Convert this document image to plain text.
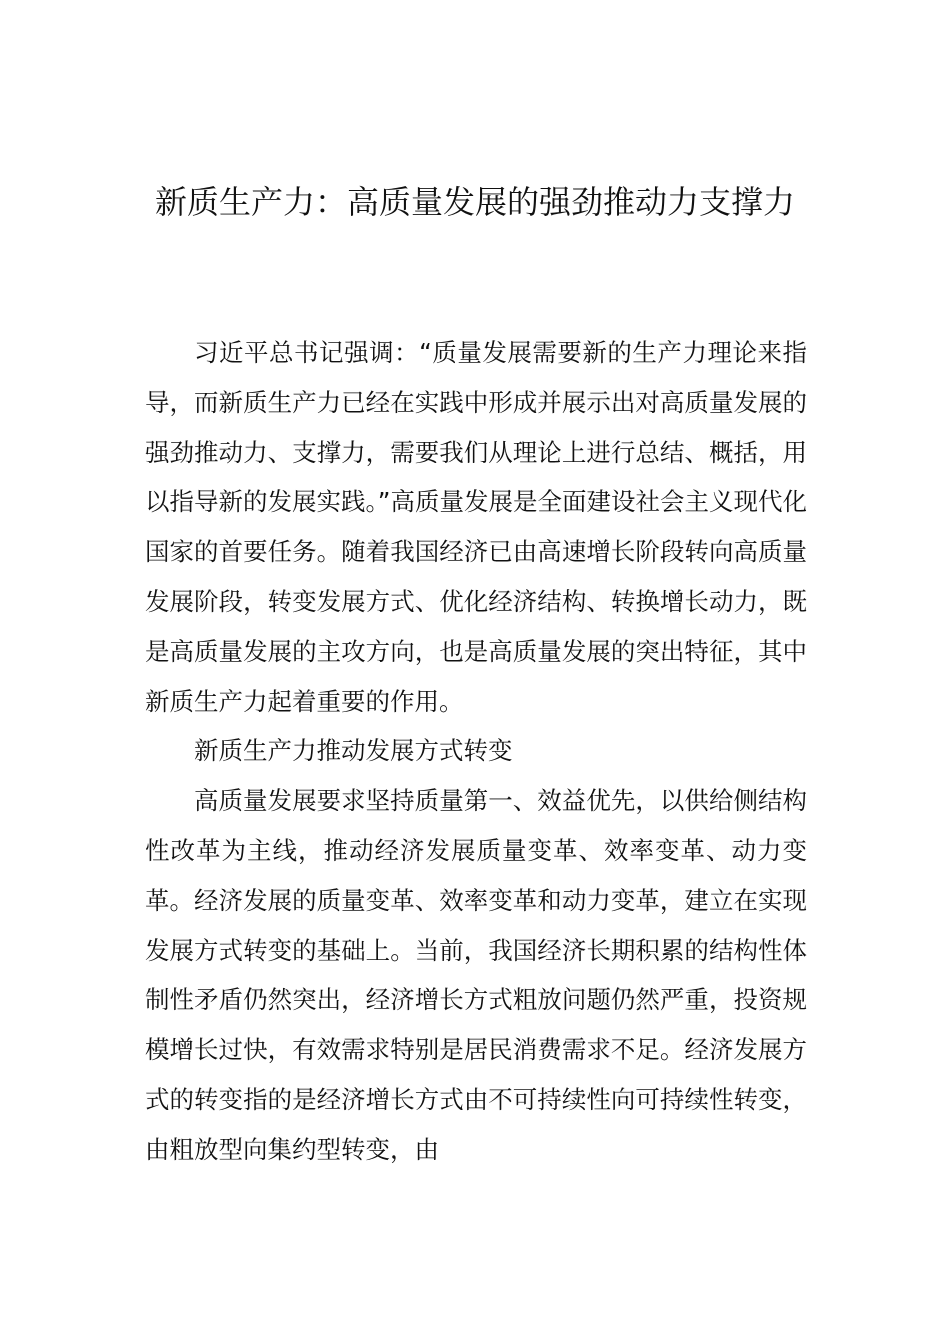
新质生产力：高质量发展的强劲推动力支撑力

习近平总书记强调：“质量发展需要新的生产力理论来指导，而新质生产力已经在实践中形成并展示出对高质量发展的强劲推动力、支撑力，需要我们从理论上进行总结、概括，用以指导新的发展实践。”高质量发展是全面建设社会主义现代化国家的首要任务。随着我国经济已由高速增长阶段转向高质量发展阶段，转变发展方式、优化经济结构、转换增长动力，既是高质量发展的主攻方向，也是高质量发展的突出特征，其中新质生产力起着重要的作用。

新质生产力推动发展方式转变

高质量发展要求坚持质量第一、效益优先，以供给侧结构性改革为主线，推动经济发展质量变革、效率变革、动力变革。经济发展的质量变革、效率变革和动力变革，建立在实现发展方式转变的基础上。当前，我国经济长期积累的结构性体制性矛盾仍然突出，经济增长方式粗放问题仍然严重，投资规模增长过快，有效需求特别是居民消费需求不足。经济发展方式的转变指的是经济增长方式由不可持续性向可持续性转变，由粗放型向集约型转变，由
